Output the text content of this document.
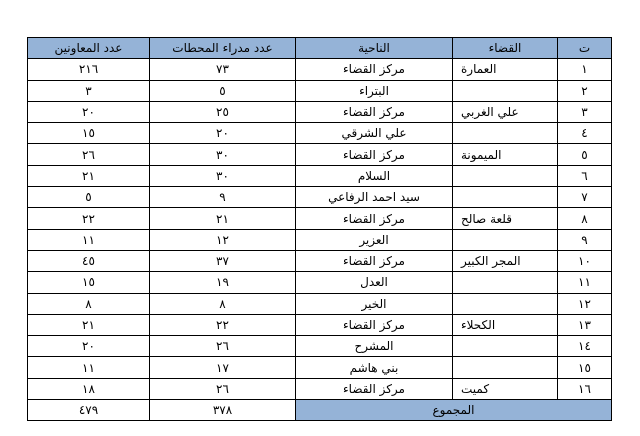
ت	القضاء	الناحية	عدد مدراء المحطات	عدد المعاونين
١	العمارة	مركز القضاء	٧٣	٢١٦
٢		البتراء	٥	٣
٣	علي الغربي	مركز القضاء	٢٥	٢٠
٤		علي الشرقي	٢٠	١٥
٥	الميمونة	مركز القضاء	٣٠	٢٦
٦		السلام	٣٠	٢١
٧		سيد احمد الرفاعي	٩	٥
٨	قلعة صالح	مركز القضاء	٢١	٢٢
٩		العزير	١٢	١١
١٠	المجر الكبير	مركز القضاء	٣٧	٤٥
١١		العدل	١٩	١٥
١٢		الخير	٨	٨
١٣	الكحلاء	مركز القضاء	٢٢	٢١
١٤		المشرح	٢٦	٢٠
١٥		بني هاشم	١٧	١١
١٦	كميت	مركز القضاء	٢٦	١٨
المجموع			٣٧٨	٤٧٩
